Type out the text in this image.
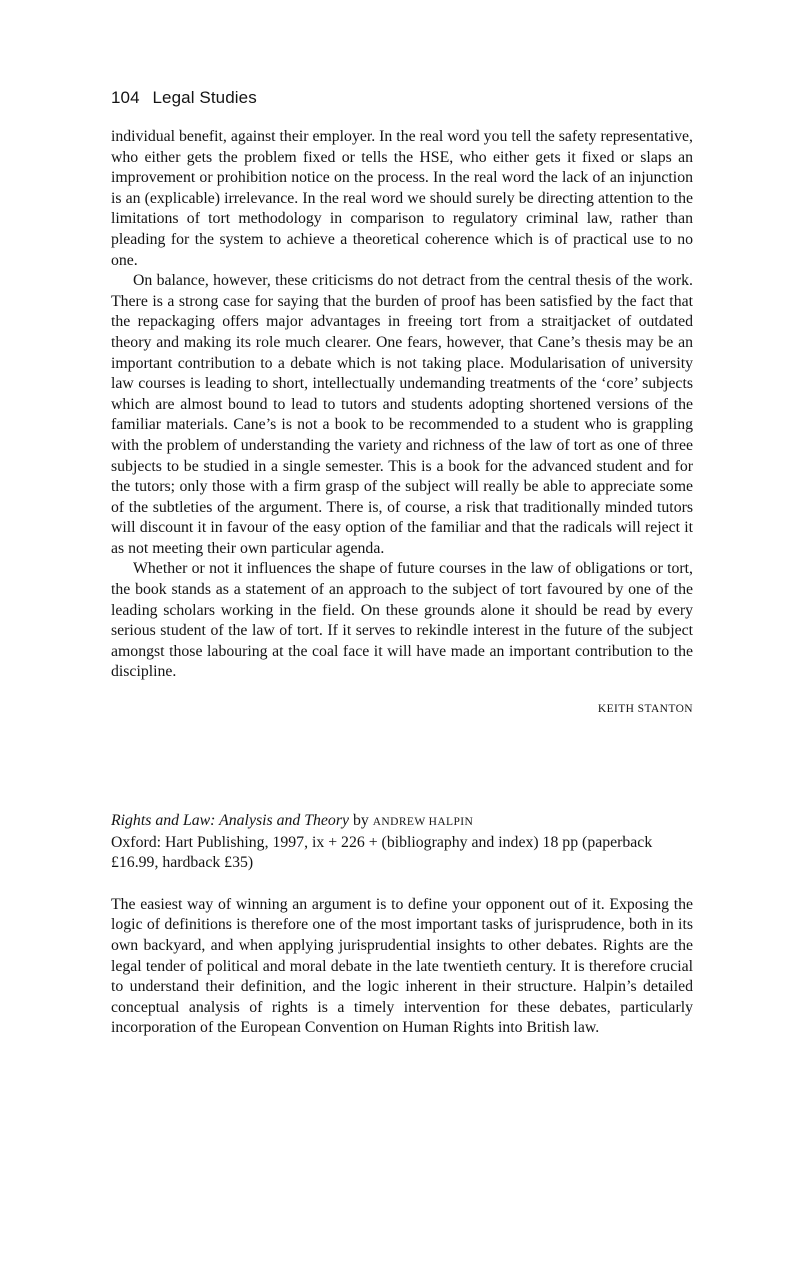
104 Legal Studies

individual benefit, against their employer. In the real word you tell the safety representative, who either gets the problem fixed or tells the HSE, who either gets it fixed or slaps an improvement or prohibition notice on the process. In the real word the lack of an injunction is an (explicable) irrelevance. In the real word we should surely be directing attention to the limitations of tort methodology in comparison to regulatory criminal law, rather than pleading for the system to achieve a theoretical coherence which is of practical use to no one.

On balance, however, these criticisms do not detract from the central thesis of the work. There is a strong case for saying that the burden of proof has been satisfied by the fact that the repackaging offers major advantages in freeing tort from a straitjacket of outdated theory and making its role much clearer. One fears, however, that Cane’s thesis may be an important contribution to a debate which is not taking place. Modularisation of university law courses is leading to short, intellectually undemanding treatments of the ‘core’ subjects which are almost bound to lead to tutors and students adopting shortened versions of the familiar materials. Cane’s is not a book to be recommended to a student who is grappling with the problem of understanding the variety and richness of the law of tort as one of three subjects to be studied in a single semester. This is a book for the advanced student and for the tutors; only those with a firm grasp of the subject will really be able to appreciate some of the subtleties of the argument. There is, of course, a risk that traditionally minded tutors will discount it in favour of the easy option of the familiar and that the radicals will reject it as not meeting their own particular agenda.

Whether or not it influences the shape of future courses in the law of obligations or tort, the book stands as a statement of an approach to the subject of tort favoured by one of the leading scholars working in the field. On these grounds alone it should be read by every serious student of the law of tort. If it serves to rekindle interest in the future of the subject amongst those labouring at the coal face it will have made an important contribution to the discipline.

KEITH STANTON
Rights and Law: Analysis and Theory by ANDREW HALPIN
Oxford: Hart Publishing, 1997, ix + 226 + (bibliography and index) 18 pp (paperback £16.99, hardback £35)

The easiest way of winning an argument is to define your opponent out of it. Exposing the logic of definitions is therefore one of the most important tasks of jurisprudence, both in its own backyard, and when applying jurisprudential insights to other debates. Rights are the legal tender of political and moral debate in the late twentieth century. It is therefore crucial to understand their definition, and the logic inherent in their structure. Halpin’s detailed conceptual analysis of rights is a timely intervention for these debates, particularly incorporation of the European Convention on Human Rights into British law.
